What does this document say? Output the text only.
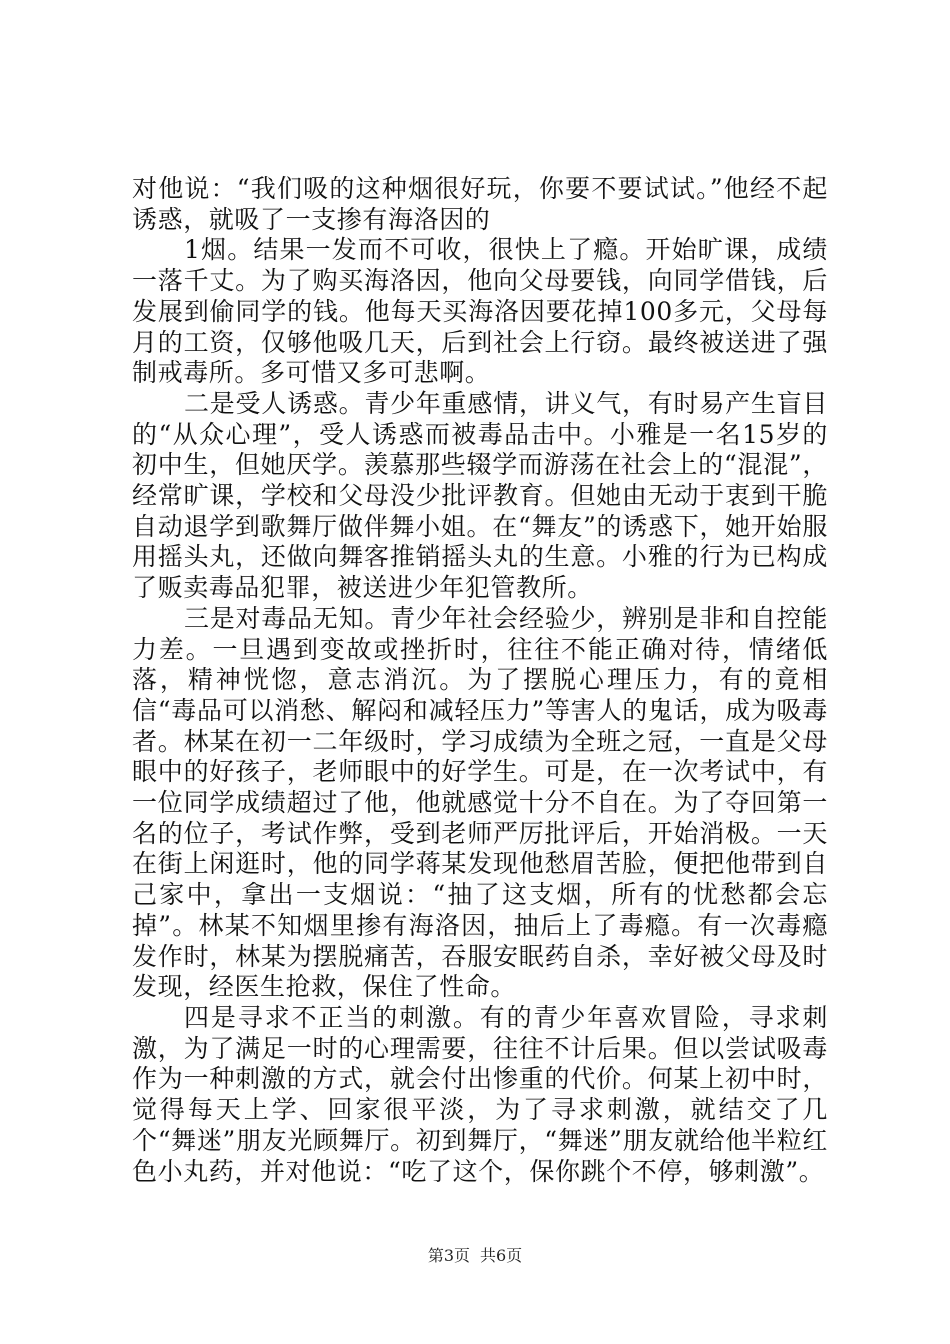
对他说：“我们吸的这种烟很好玩，你要不要试试。”他经不起诱惑，就吸了一支掺有海洛因的

1烟。结果一发而不可收，很快上了瘾。开始旷课，成绩一落千丈。为了购买海洛因，他向父母要钱，向同学借钱，后发展到偷同学的钱。他每天买海洛因要花掉100多元，父母每月的工资，仅够他吸几天，后到社会上行窃。最终被送进了强制戒毒所。多可惜又多可悲啊。

二是受人诱惑。青少年重感情，讲义气，有时易产生盲目的“从众心理”，受人诱惑而被毒品击中。小雅是一名15岁的初中生，但她厌学。羡慕那些辍学而游荡在社会上的“混混”，经常旷课，学校和父母没少批评教育。但她由无动于衷到干脆自动退学到歌舞厅做伴舞小姐。在“舞友”的诱惑下，她开始服用摇头丸，还做向舞客推销摇头丸的生意。小雅的行为已构成了贩卖毒品犯罪，被送进少年犯管教所。

三是对毒品无知。青少年社会经验少，辨别是非和自控能力差。一旦遇到变故或挫折时，往往不能正确对待，情绪低落，精神恍惚，意志消沉。为了摆脱心理压力，有的竟相信“毒品可以消愁、解闷和减轻压力”等害人的鬼话，成为吸毒者。林某在初一二年级时，学习成绩为全班之冠，一直是父母眼中的好孩子，老师眼中的好学生。可是，在一次考试中，有一位同学成绩超过了他，他就感觉十分不自在。为了夺回第一名的位子，考试作弊，受到老师严厉批评后，开始消极。一天在街上闲逛时，他的同学蒋某发现他愁眉苦脸，便把他带到自己家中，拿出一支烟说：“抽了这支烟，所有的忧愁都会忘掉”。林某不知烟里掺有海洛因，抽后上了毒瘾。有一次毒瘾发作时，林某为摆脱痛苦，吞服安眠药自杀，幸好被父母及时发现，经医生抢救，保住了性命。

四是寻求不正当的刺激。有的青少年喜欢冒险，寻求刺激，为了满足一时的心理需要，往往不计后果。但以尝试吸毒作为一种刺激的方式，就会付出惨重的代价。何某上初中时，觉得每天上学、回家很平淡，为了寻求刺激，就结交了几个“舞迷”朋友光顾舞厅。初到舞厅，“舞迷”朋友就给他半粒红色小丸药，并对他说：“吃了这个，保你跳个不停，够刺激”。

第3页 共6页
